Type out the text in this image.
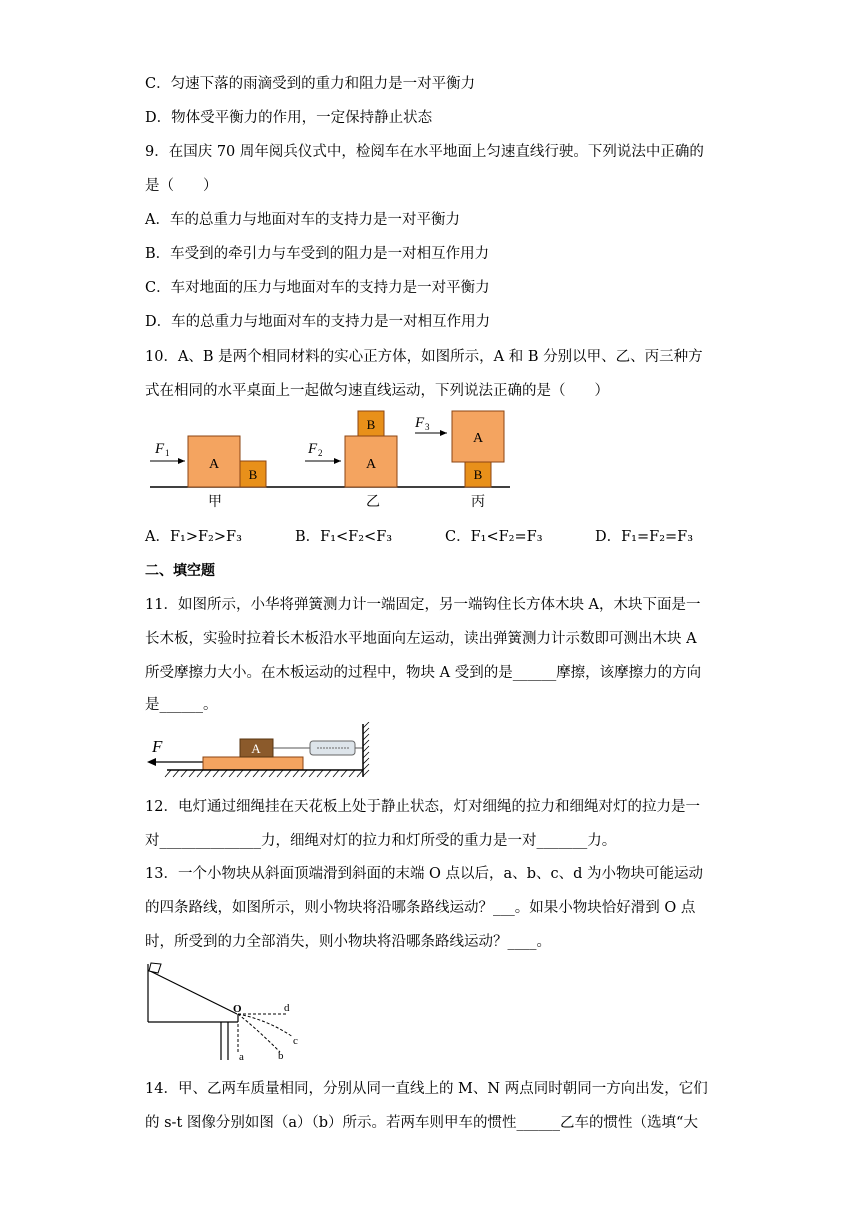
C．匀速下落的雨滴受到的重力和阻力是一对平衡力
D．物体受平衡力的作用，一定保持静止状态
9．在国庆 70 周年阅兵仪式中，检阅车在水平地面上匀速直线行驶。下列说法中正确的
是（　　）
A．车的总重力与地面对车的支持力是一对平衡力
B．车受到的牵引力与车受到的阻力是一对相互作用力
C．车对地面的压力与地面对车的支持力是一对平衡力
D．车的总重力与地面对车的支持力是一对相互作用力
10．A、B 是两个相同材料的实心正方体，如图所示，A 和 B 分别以甲、乙、丙三种方
式在相同的水平桌面上一起做匀速直线运动，下列说法正确的是（　　）
F 1
A
B
甲
F 2
A
B
乙
F 3
A
B
丙
A．F₁>F₂>F₃	B．F₁<F₂<F₃	C．F₁<F₂=F₃	D．F₁=F₂=F₃
二、填空题
11．如图所示，小华将弹簧测力计一端固定，另一端钩住长方体木块 A，木块下面是一
长木板，实验时拉着长木板沿水平地面向左运动，读出弹簧测力计示数即可测出木块 A
所受摩擦力大小。在木板运动的过程中，物块 A 受到的是______摩擦，该摩擦力的方向
是______。
F	A
12．电灯通过细绳挂在天花板上处于静止状态，灯对细绳的拉力和细绳对灯的拉力是一
对______________力，细绳对灯的拉力和灯所受的重力是一对_______力。
13．一个小物块从斜面顶端滑到斜面的末端 O 点以后，a、b、c、d 为小物块可能运动
的四条路线，如图所示，则小物块将沿哪条路线运动？___。如果小物块恰好滑到 O 点
时，所受到的力全部消失，则小物块将沿哪条路线运动？____。
O	d
c
b
a
14．甲、乙两车质量相同，分别从同一直线上的 M、N 两点同时朝同一方向出发，它们
的 s-t 图像分别如图（a）（b）所示。若两车则甲车的惯性______乙车的惯性（选填“大
